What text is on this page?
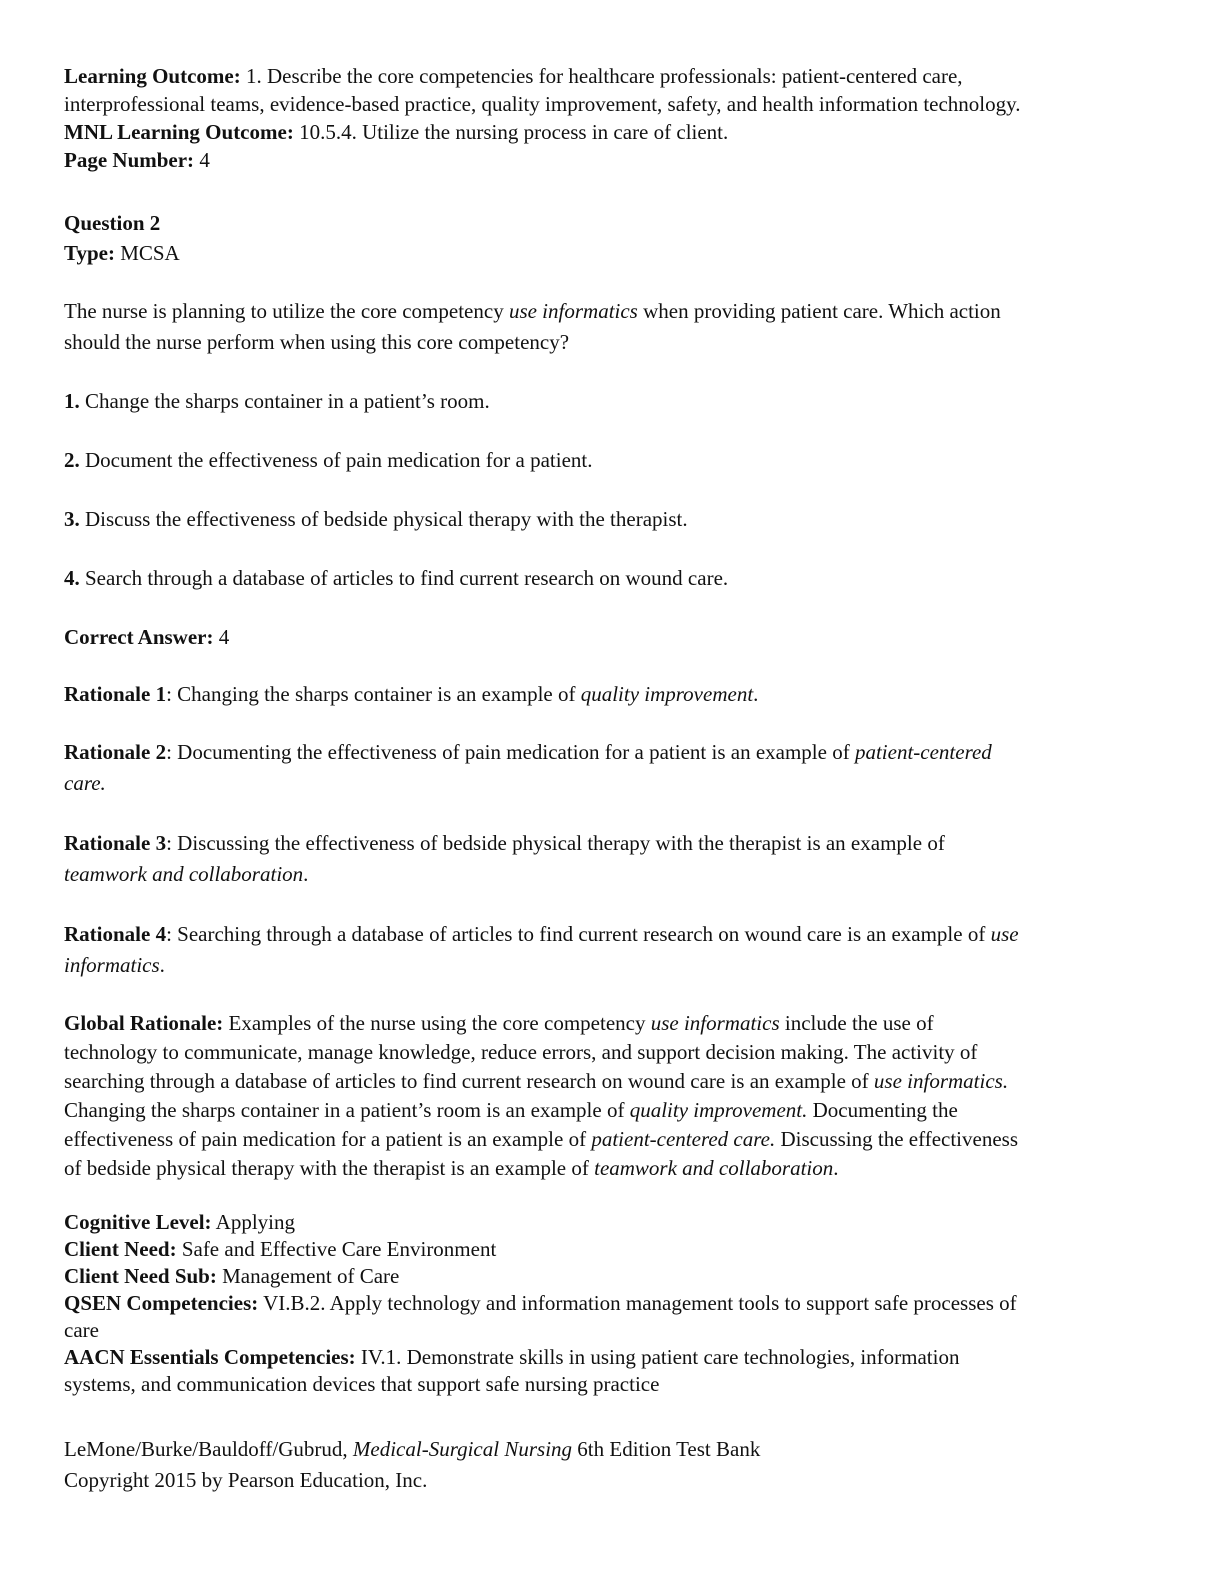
Learning Outcome: 1. Describe the core competencies for healthcare professionals: patient-centered care,
interprofessional teams, evidence-based practice, quality improvement, safety, and health information technology.
MNL Learning Outcome: 10.5.4. Utilize the nursing process in care of client.
Page Number: 4
Question 2
Type: MCSA
The nurse is planning to utilize the core competency use informatics when providing patient care. Which action
should the nurse perform when using this core competency?
1. Change the sharps container in a patient’s room.
2. Document the effectiveness of pain medication for a patient.
3. Discuss the effectiveness of bedside physical therapy with the therapist.
4. Search through a database of articles to find current research on wound care.
Correct Answer: 4
Rationale 1: Changing the sharps container is an example of quality improvement.
Rationale 2: Documenting the effectiveness of pain medication for a patient is an example of patient-centered
care.
Rationale 3: Discussing the effectiveness of bedside physical therapy with the therapist is an example of
teamwork and collaboration.
Rationale 4: Searching through a database of articles to find current research on wound care is an example of use
informatics.
Global Rationale: Examples of the nurse using the core competency use informatics include the use of
technology to communicate, manage knowledge, reduce errors, and support decision making. The activity of
searching through a database of articles to find current research on wound care is an example of use informatics.
Changing the sharps container in a patient’s room is an example of quality improvement. Documenting the
effectiveness of pain medication for a patient is an example of patient-centered care. Discussing the effectiveness
of bedside physical therapy with the therapist is an example of teamwork and collaboration.
Cognitive Level: Applying
Client Need: Safe and Effective Care Environment
Client Need Sub: Management of Care
QSEN Competencies: VI.B.2. Apply technology and information management tools to support safe processes of
care
AACN Essentials Competencies: IV.1. Demonstrate skills in using patient care technologies, information
systems, and communication devices that support safe nursing practice
LeMone/Burke/Bauldoff/Gubrud, Medical-Surgical Nursing 6th Edition Test Bank
Copyright 2015 by Pearson Education, Inc.
